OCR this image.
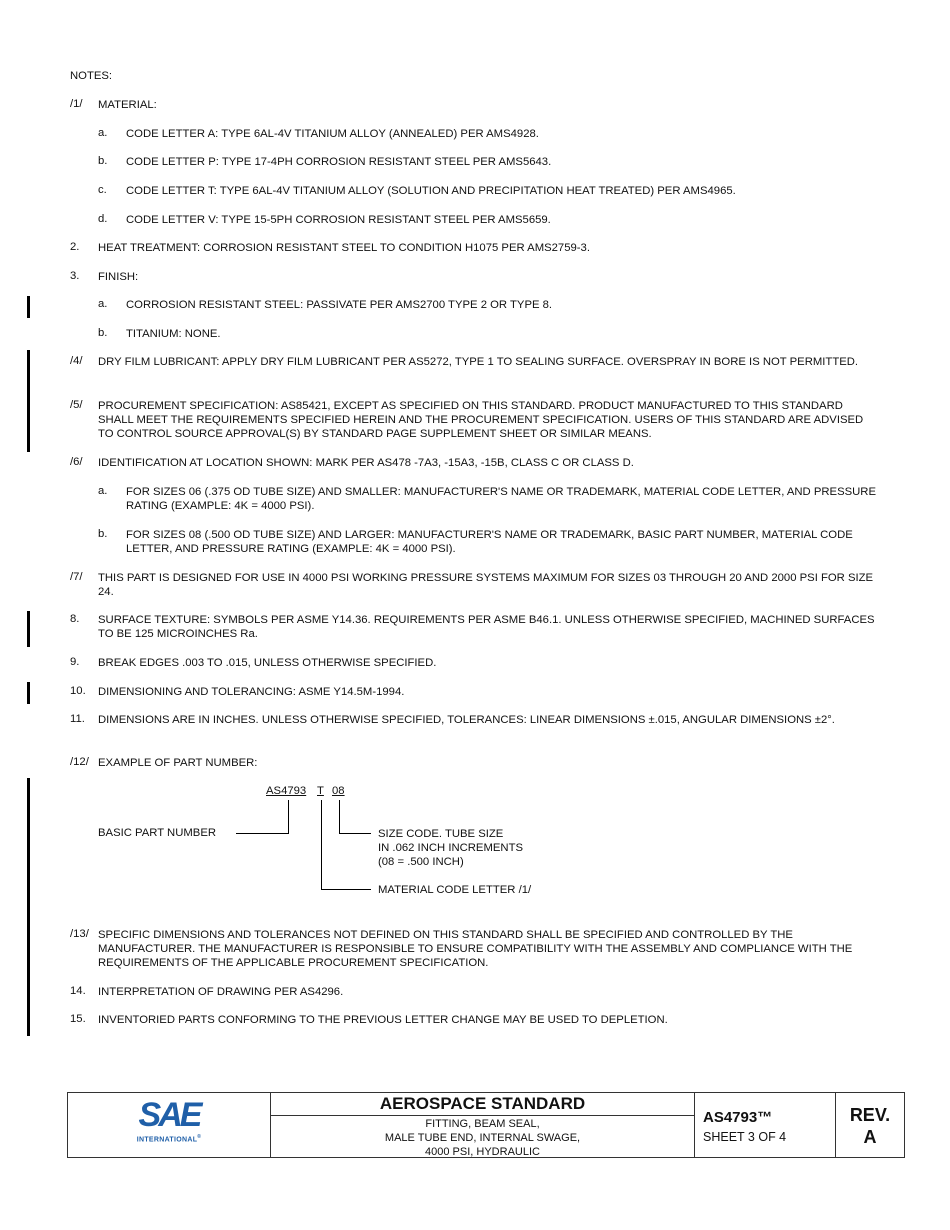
NOTES:
/1/ MATERIAL:
a. CODE LETTER A: TYPE 6AL-4V TITANIUM ALLOY (ANNEALED) PER AMS4928.
b. CODE LETTER P: TYPE 17-4PH CORROSION RESISTANT STEEL PER AMS5643.
c. CODE LETTER T: TYPE 6AL-4V TITANIUM ALLOY (SOLUTION AND PRECIPITATION HEAT TREATED) PER AMS4965.
d. CODE LETTER V: TYPE 15-5PH CORROSION RESISTANT STEEL PER AMS5659.
2. HEAT TREATMENT: CORROSION RESISTANT STEEL TO CONDITION H1075 PER AMS2759-3.
3. FINISH:
a. CORROSION RESISTANT STEEL: PASSIVATE PER AMS2700 TYPE 2 OR TYPE 8.
b. TITANIUM: NONE.
/4/ DRY FILM LUBRICANT: APPLY DRY FILM LUBRICANT PER AS5272, TYPE 1 TO SEALING SURFACE. OVERSPRAY IN BORE IS NOT PERMITTED.
/5/ PROCUREMENT SPECIFICATION: AS85421, EXCEPT AS SPECIFIED ON THIS STANDARD. PRODUCT MANUFACTURED TO THIS STANDARD SHALL MEET THE REQUIREMENTS SPECIFIED HEREIN AND THE PROCUREMENT SPECIFICATION. USERS OF THIS STANDARD ARE ADVISED TO CONTROL SOURCE APPROVAL(S) BY STANDARD PAGE SUPPLEMENT SHEET OR SIMILAR MEANS.
/6/ IDENTIFICATION AT LOCATION SHOWN: MARK PER AS478 -7A3, -15A3, -15B, CLASS C OR CLASS D.
a. FOR SIZES 06 (.375 OD TUBE SIZE) AND SMALLER: MANUFACTURER'S NAME OR TRADEMARK, MATERIAL CODE LETTER, AND PRESSURE RATING (EXAMPLE: 4K = 4000 PSI).
b. FOR SIZES 08 (.500 OD TUBE SIZE) AND LARGER: MANUFACTURER'S NAME OR TRADEMARK, BASIC PART NUMBER, MATERIAL CODE LETTER, AND PRESSURE RATING (EXAMPLE: 4K = 4000 PSI).
/7/ THIS PART IS DESIGNED FOR USE IN 4000 PSI WORKING PRESSURE SYSTEMS MAXIMUM FOR SIZES 03 THROUGH 20 AND 2000 PSI FOR SIZE 24.
8. SURFACE TEXTURE: SYMBOLS PER ASME Y14.36. REQUIREMENTS PER ASME B46.1. UNLESS OTHERWISE SPECIFIED, MACHINED SURFACES TO BE 125 MICROINCHES Ra.
9. BREAK EDGES .003 TO .015, UNLESS OTHERWISE SPECIFIED.
10. DIMENSIONING AND TOLERANCING: ASME Y14.5M-1994.
11. DIMENSIONS ARE IN INCHES. UNLESS OTHERWISE SPECIFIED, TOLERANCES: LINEAR DIMENSIONS ±.015, ANGULAR DIMENSIONS ±2°.
/12/ EXAMPLE OF PART NUMBER:
AS4793 T 08
BASIC PART NUMBER
MATERIAL CODE LETTER /1/
SIZE CODE. TUBE SIZE
IN .062 INCH INCREMENTS
(08 = .500 INCH)
/13/ SPECIFIC DIMENSIONS AND TOLERANCES NOT DEFINED ON THIS STANDARD SHALL BE SPECIFIED AND CONTROLLED BY THE MANUFACTURER. THE MANUFACTURER IS RESPONSIBLE TO ENSURE COMPATIBILITY WITH THE ASSEMBLY AND COMPLIANCE WITH THE REQUIREMENTS OF THE APPLICABLE PROCUREMENT SPECIFICATION.
14. INTERPRETATION OF DRAWING PER AS4296.
15. INVENTORIED PARTS CONFORMING TO THE PREVIOUS LETTER CHANGE MAY BE USED TO DEPLETION.
SAE
INTERNATIONAL®
AEROSPACE STANDARD
FITTING, BEAM SEAL,
MALE TUBE END, INTERNAL SWAGE,
4000 PSI, HYDRAULIC
AS4793™
SHEET 3 OF 4
REV.
A
